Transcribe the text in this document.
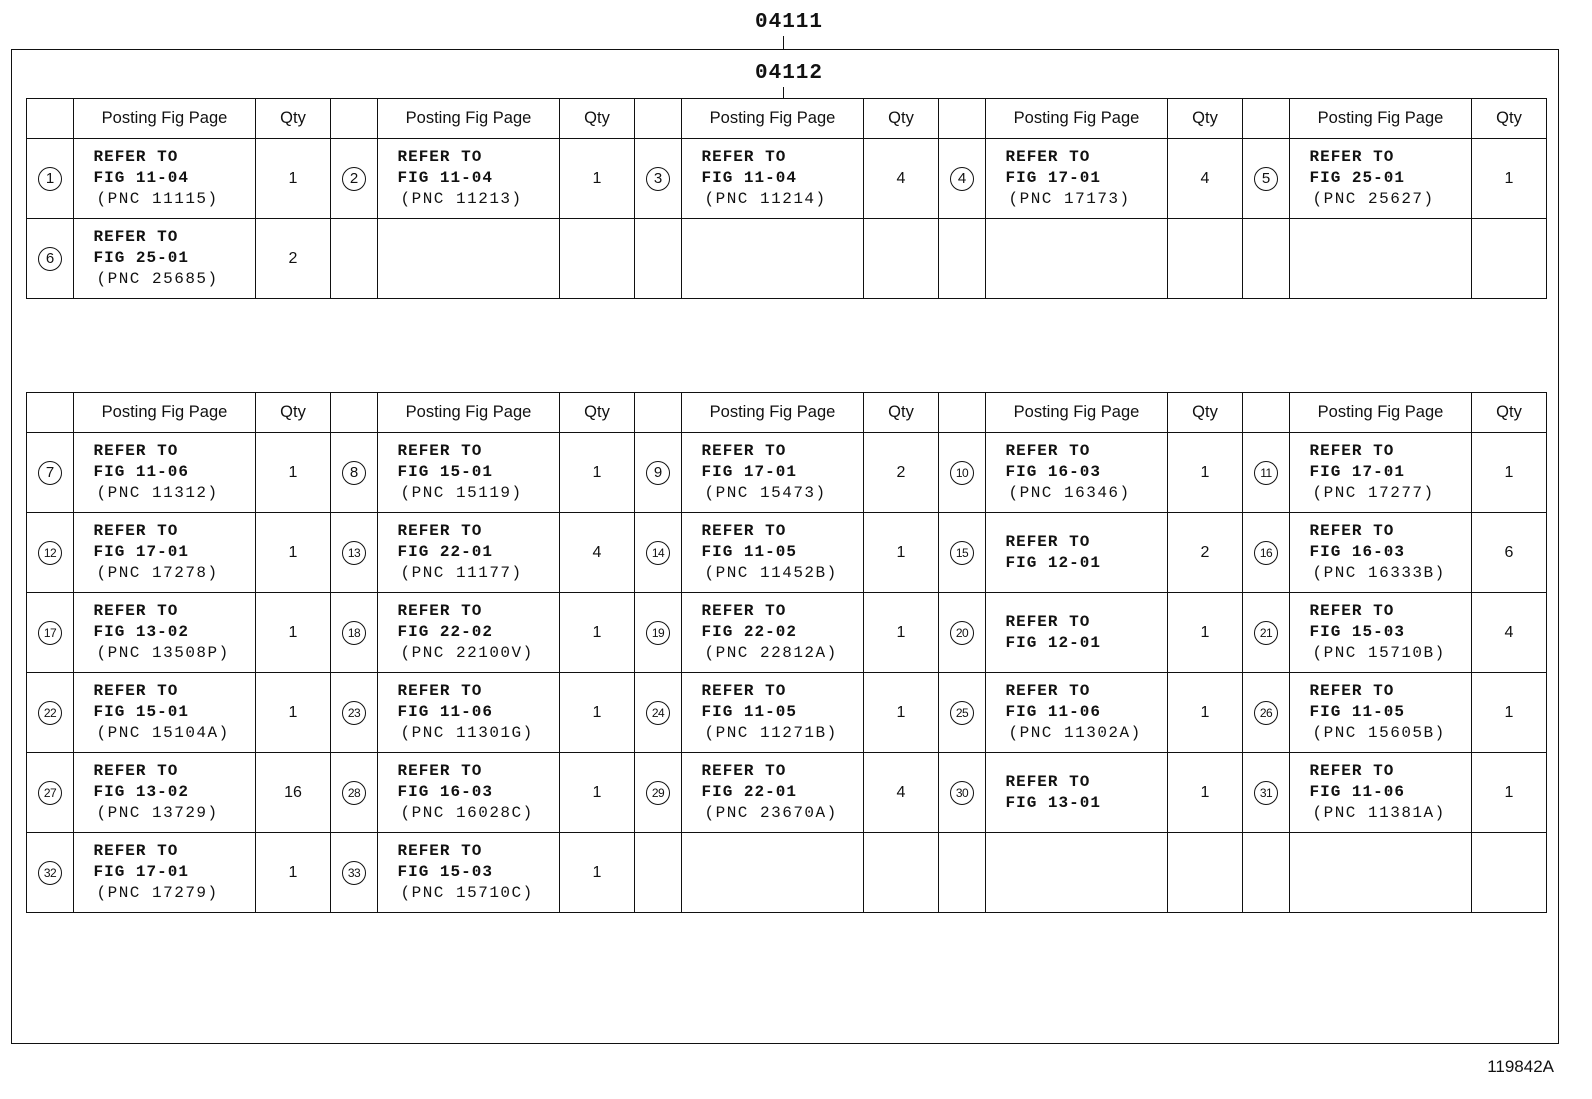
04111
04112
	Posting Fig Page	Qty		Posting Fig Page	Qty		Posting Fig Page	Qty		Posting Fig Page	Qty		Posting Fig Page	Qty
1	REFER TO
FIG 11-04
(PNC 11115)	1	2	REFER TO
FIG 11-04
(PNC 11213)	1	3	REFER TO
FIG 11-04
(PNC 11214)	4	4	REFER TO
FIG 17-01
(PNC 17173)	4	5	REFER TO
FIG 25-01
(PNC 25627)	1
6	REFER TO
FIG 25-01
(PNC 25685)	2												
	Posting Fig Page	Qty		Posting Fig Page	Qty		Posting Fig Page	Qty		Posting Fig Page	Qty		Posting Fig Page	Qty
7	REFER TO
FIG 11-06
(PNC 11312)	1	8	REFER TO
FIG 15-01
(PNC 15119)	1	9	REFER TO
FIG 17-01
(PNC 15473)	2	10	REFER TO
FIG 16-03
(PNC 16346)	1	11	REFER TO
FIG 17-01
(PNC 17277)	1
12	REFER TO
FIG 17-01
(PNC 17278)	1	13	REFER TO
FIG 22-01
(PNC 11177)	4	14	REFER TO
FIG 11-05
(PNC 11452B)	1	15	REFER TO
FIG 12-01	2	16	REFER TO
FIG 16-03
(PNC 16333B)	6
17	REFER TO
FIG 13-02
(PNC 13508P)	1	18	REFER TO
FIG 22-02
(PNC 22100V)	1	19	REFER TO
FIG 22-02
(PNC 22812A)	1	20	REFER TO
FIG 12-01	1	21	REFER TO
FIG 15-03
(PNC 15710B)	4
22	REFER TO
FIG 15-01
(PNC 15104A)	1	23	REFER TO
FIG 11-06
(PNC 11301G)	1	24	REFER TO
FIG 11-05
(PNC 11271B)	1	25	REFER TO
FIG 11-06
(PNC 11302A)	1	26	REFER TO
FIG 11-05
(PNC 15605B)	1
27	REFER TO
FIG 13-02
(PNC 13729)	16	28	REFER TO
FIG 16-03
(PNC 16028C)	1	29	REFER TO
FIG 22-01
(PNC 23670A)	4	30	REFER TO
FIG 13-01	1	31	REFER TO
FIG 11-06
(PNC 11381A)	1
32	REFER TO
FIG 17-01
(PNC 17279)	1	33	REFER TO
FIG 15-03
(PNC 15710C)	1									
119842A
